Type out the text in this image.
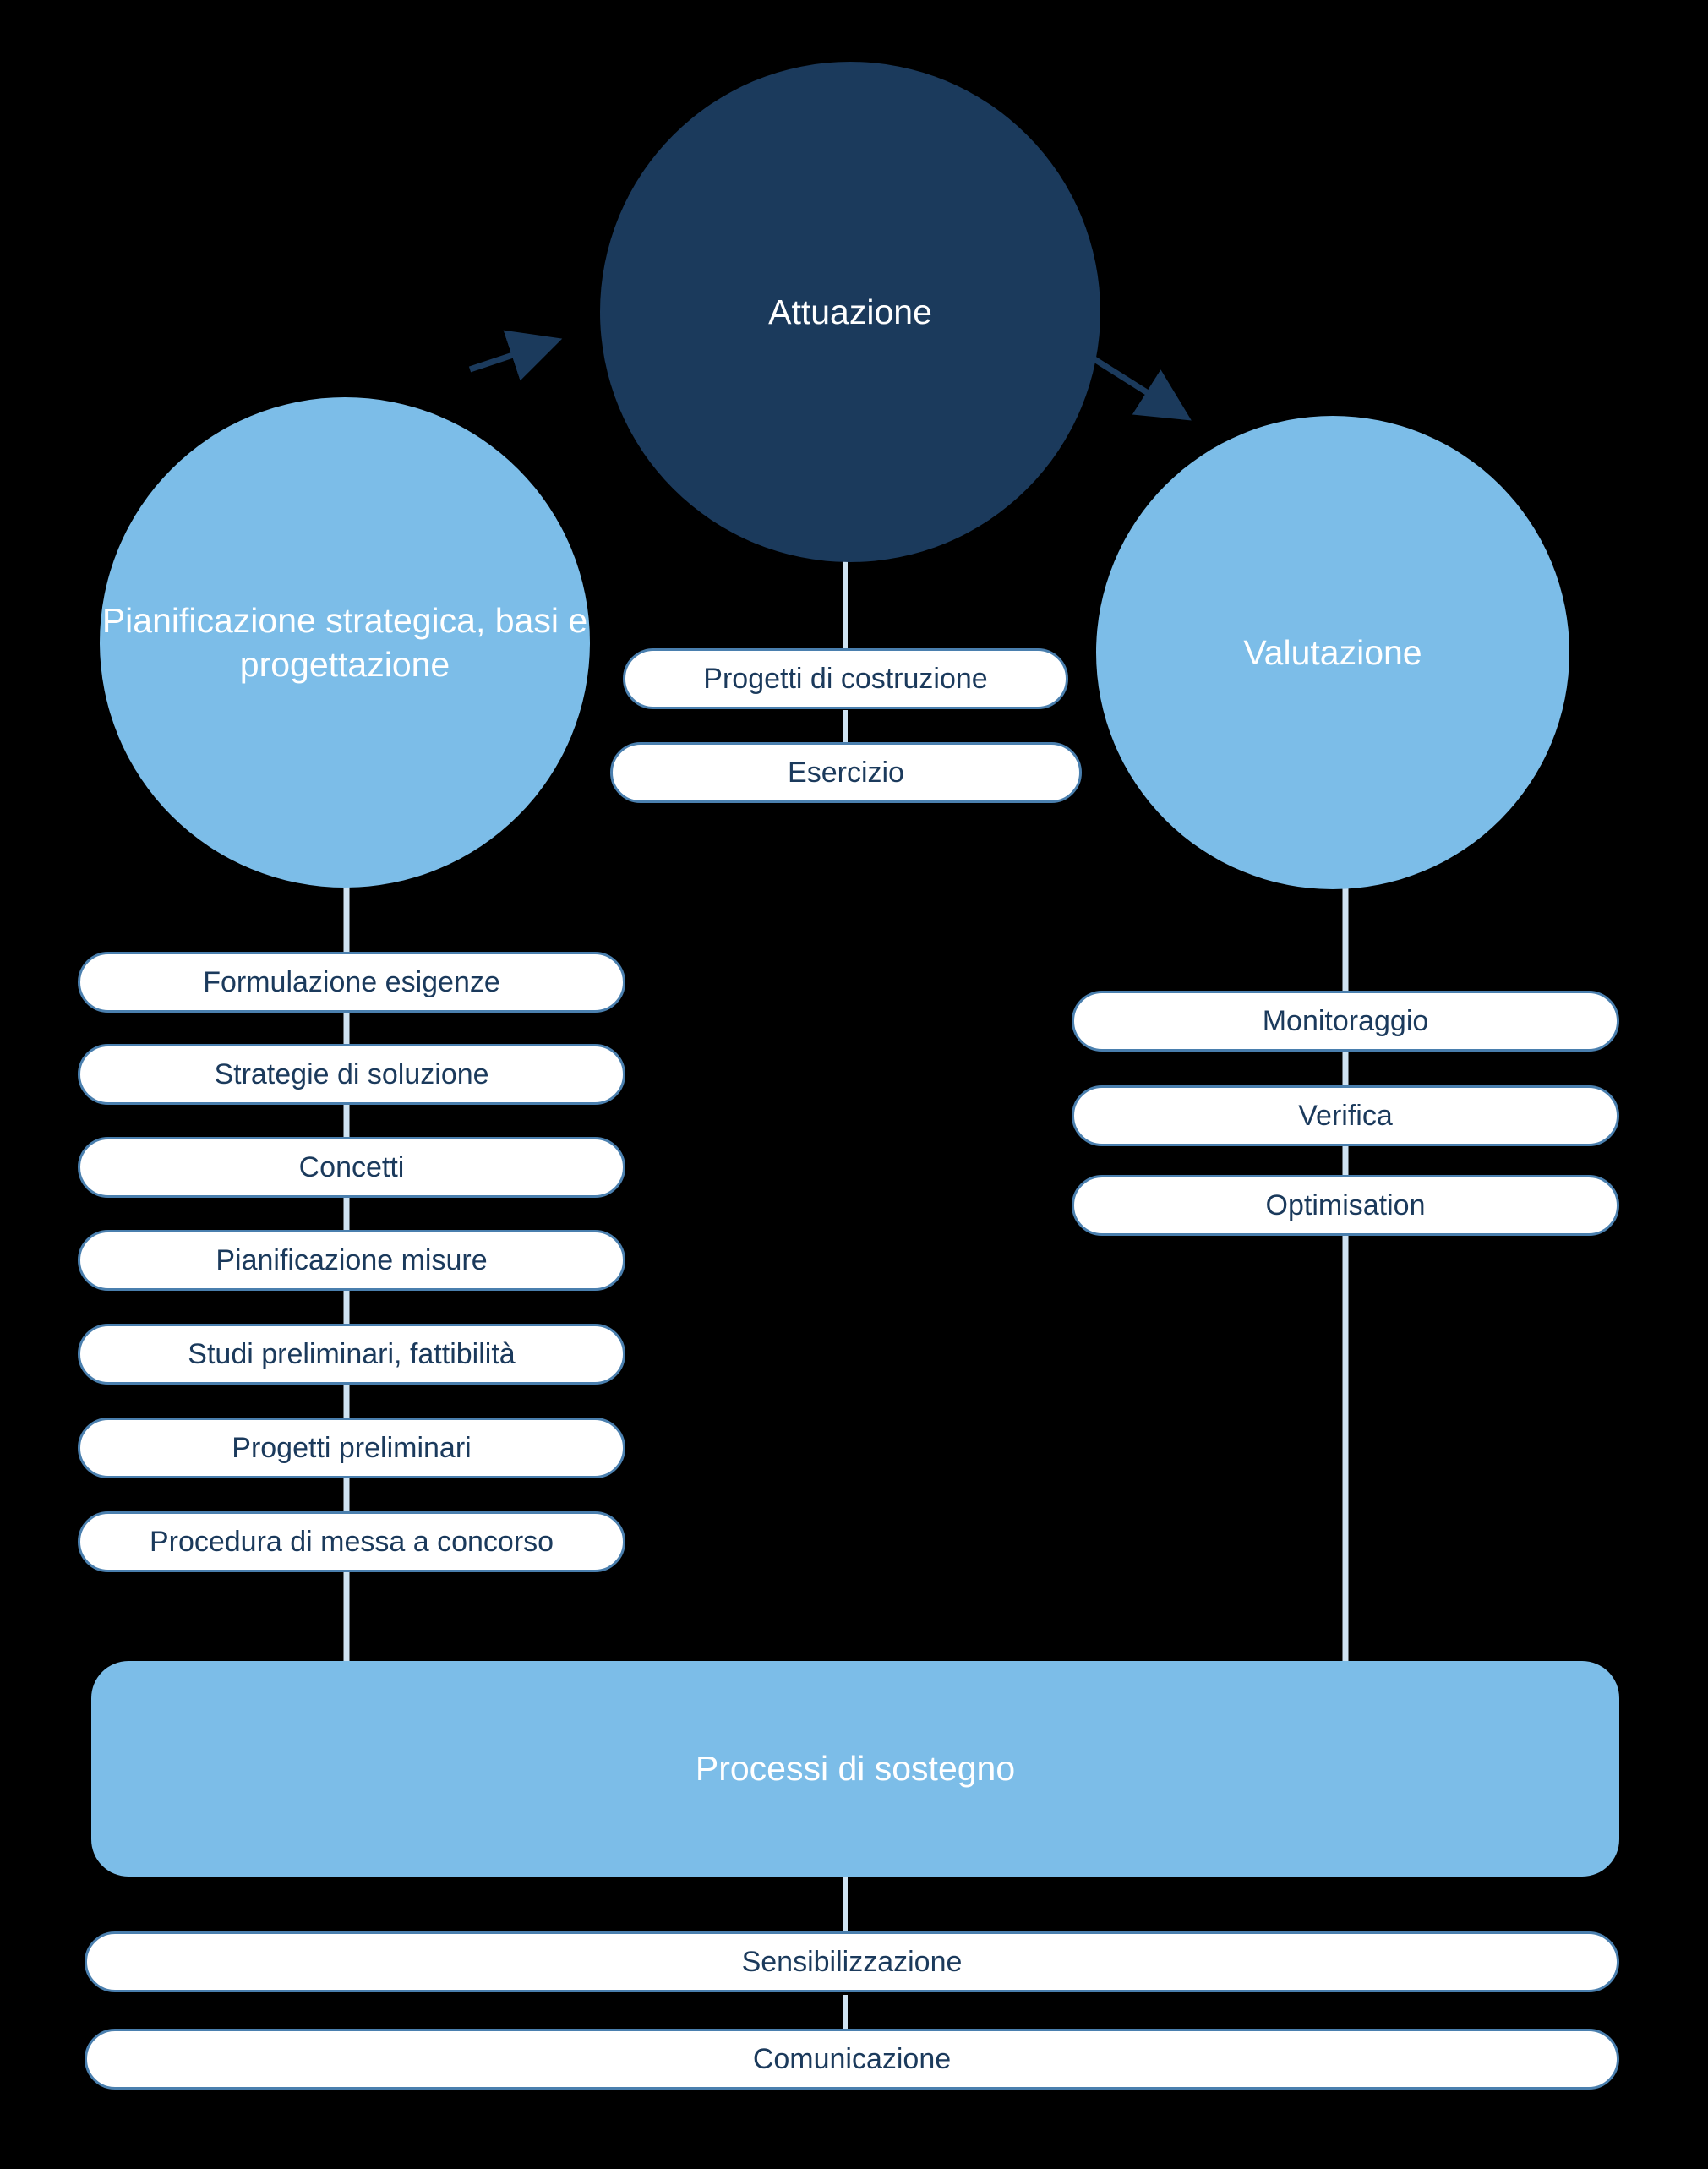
Pianificazione strategica, basi e progettazione
Attuazione
Valutazione
Progetti di costruzione
Esercizio
Formulazione esigenze
Strategie di soluzione
Concetti
Pianificazione misure
Studi preliminari, fattibilità
Progetti preliminari
Procedura di messa a concorso
Monitoraggio
Verifica
Optimisation
Processi di sostegno
Sensibilizzazione
Comunicazione
